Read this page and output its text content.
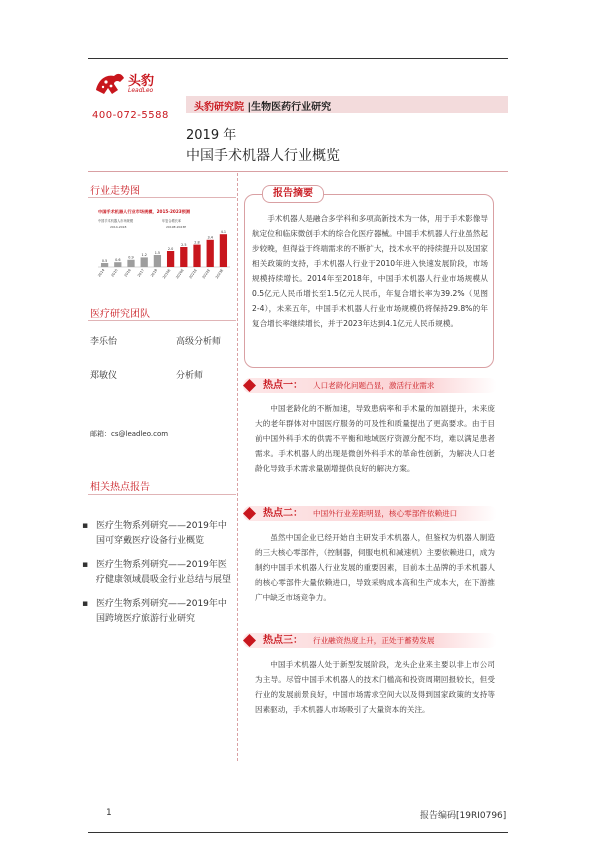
头豹
LeadLeo
400-072-5588
头豹研究院 |生物医药行业研究
2019 年
中国手术机器人行业概览
行业走势图
中国手术机器人行业市场规模，2015-2023预测
中国手术机器人市场规模
2014-2018
年复合增长率
2019E-2023E
0.5
2014
0.6
2015
0.9
2016
1.2
2017
1.5
2018
2.0
2019E
2.5
2020E
2.8
2021E
3.4
2022E
4.1
2023E
医疗研究团队
李乐怡	高级分析师
郑敏仪	分析师
邮箱：cs@leadleo.com
相关热点报告
▪ 医疗生物系列研究——2019年中国可穿戴医疗设备行业概览
▪ 医疗生物系列研究——2019年医疗健康领域晨吸金行业总结与展望
▪ 医疗生物系列研究——2019年中国跨境医疗旅游行业研究
报告摘要
手术机器人是融合多学科和多项高新技术为一体，用于手术影像导航定位和临床微创手术的综合化医疗器械。中国手术机器人行业虽然起步较晚，但得益于终端需求的不断扩大，技术水平的持续提升以及国家相关政策的支持，手术机器人行业于2010年进入快速发展阶段，市场规模持续增长。2014年至2018年，中国手术机器人行业市场规模从0.5亿元人民币增长至1.5亿元人民币，年复合增长率为39.2%（见图2-4），未来五年，中国手术机器人行业市场规模仍将保持29.8%的年复合增长率继续增长，并于2023年达到4.1亿元人民币规模。
热点一： 人口老龄化问题凸显，激活行业需求
中国老龄化的不断加速，导致患病率和手术量的加剧提升，未来庞大的老年群体对中国医疗服务的可及性和质量提出了更高要求。由于目前中国外科手术的供需不平衡和地域医疗资源分配不均，难以满足患者需求。手术机器人的出现是微创外科手术的革命性创新，为解决人口老龄化导致手术需求量剧增提供良好的解决方案。
热点二： 中国外行业差距明显，核心零部件依赖进口
虽然中国企业已经开始自主研发手术机器人，但鉴权为机器人制造的三大核心零部件，（控制器，伺服电机和减速机）主要依赖进口，成为制约中国手术机器人行业发展的重要因素，目前本土品牌的手术机器人的核心零部件大量依赖进口，导致采购成本高和生产成本大，在下游推广中缺乏市场竞争力。
热点三： 行业融资热度上升，正处于蓄势发展
中国手术机器人处于新型发展阶段，龙头企业来主要以非上市公司为主导。尽管中国手术机器人的技术门槛高和投资周期回报较长，但受行业的发展前景良好，中国市场需求空间大以及得到国家政策的支持等因素驱动，手术机器人市场吸引了大量资本的关注。
1	报告编码[19RI0796]
